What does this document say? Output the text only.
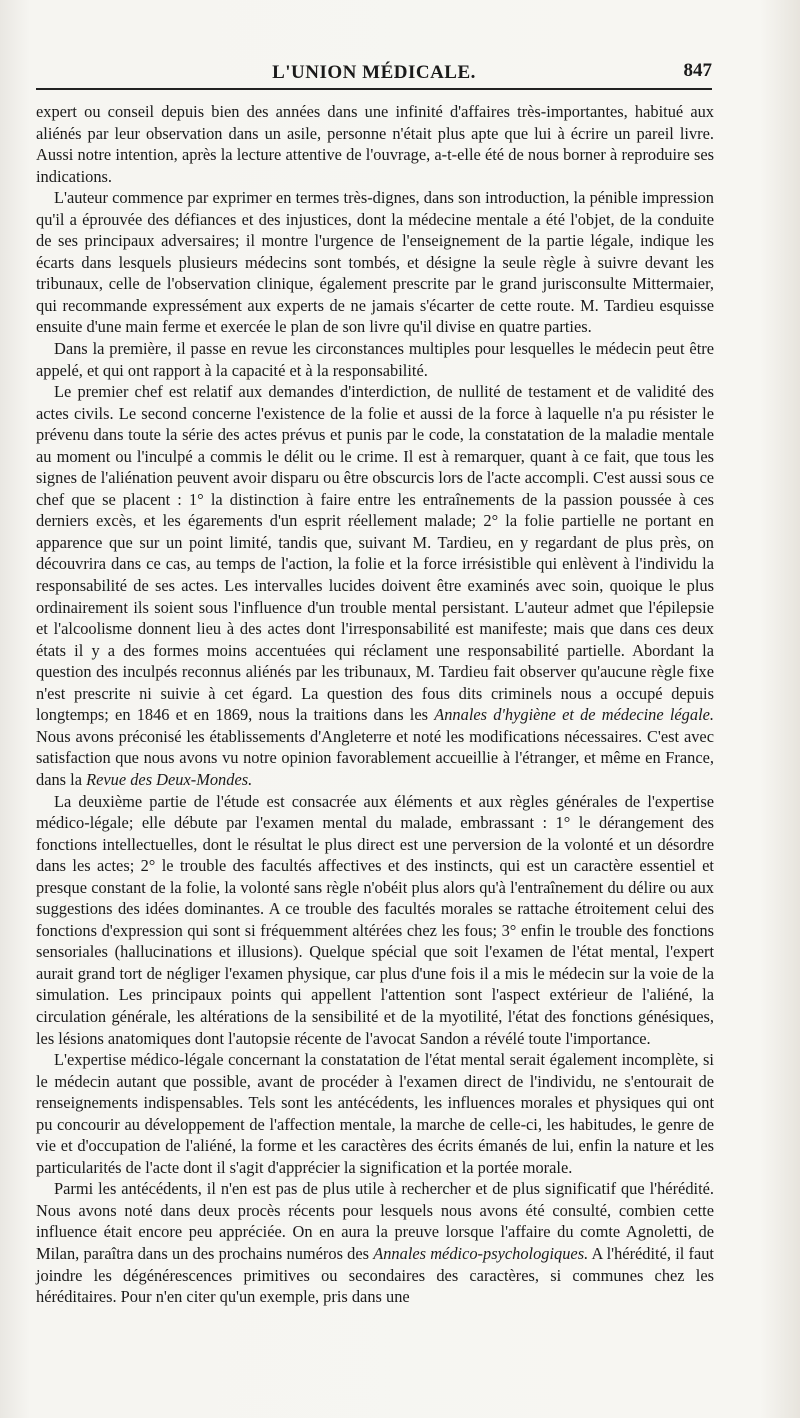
L'UNION MÉDICALE.	847

expert ou conseil depuis bien des années dans une infinité d'affaires très-importantes, habitué aux aliénés par leur observation dans un asile, personne n'était plus apte que lui à écrire un pareil livre. Aussi notre intention, après la lecture attentive de l'ouvrage, a-t-elle été de nous borner à reproduire ses indications.

L'auteur commence par exprimer en termes très-dignes, dans son introduction, la pénible impression qu'il a éprouvée des défiances et des injustices, dont la médecine mentale a été l'objet, de la conduite de ses principaux adversaires; il montre l'urgence de l'enseignement de la partie légale, indique les écarts dans lesquels plusieurs médecins sont tombés, et désigne la seule règle à suivre devant les tribunaux, celle de l'observation clinique, également prescrite par le grand jurisconsulte Mittermaier, qui recommande expressément aux experts de ne jamais s'écarter de cette route. M. Tardieu esquisse ensuite d'une main ferme et exercée le plan de son livre qu'il divise en quatre parties.

Dans la première, il passe en revue les circonstances multiples pour lesquelles le médecin peut être appelé, et qui ont rapport à la capacité et à la responsabilité.

Le premier chef est relatif aux demandes d'interdiction, de nullité de testament et de validité des actes civils. Le second concerne l'existence de la folie et aussi de la force à laquelle n'a pu résister le prévenu dans toute la série des actes prévus et punis par le code, la constatation de la maladie mentale au moment ou l'inculpé a commis le délit ou le crime. Il est à remarquer, quant à ce fait, que tous les signes de l'aliénation peuvent avoir disparu ou être obscurcis lors de l'acte accompli. C'est aussi sous ce chef que se placent : 1° la distinction à faire entre les entraînements de la passion poussée à ces derniers excès, et les égarements d'un esprit réellement malade; 2° la folie partielle ne portant en apparence que sur un point limité, tandis que, suivant M. Tardieu, en y regardant de plus près, on découvrira dans ce cas, au temps de l'action, la folie et la force irrésistible qui enlèvent à l'individu la responsabilité de ses actes. Les intervalles lucides doivent être examinés avec soin, quoique le plus ordinairement ils soient sous l'influence d'un trouble mental persistant. L'auteur admet que l'épilepsie et l'alcoolisme donnent lieu à des actes dont l'irresponsabilité est manifeste; mais que dans ces deux états il y a des formes moins accentuées qui réclament une responsabilité partielle. Abordant la question des inculpés reconnus aliénés par les tribunaux, M. Tardieu fait observer qu'aucune règle fixe n'est prescrite ni suivie à cet égard. La question des fous dits criminels nous a occupé depuis longtemps; en 1846 et en 1869, nous la traitions dans les Annales d'hygiène et de médecine légale. Nous avons préconisé les établissements d'Angleterre et noté les modifications nécessaires. C'est avec satisfaction que nous avons vu notre opinion favorablement accueillie à l'étranger, et même en France, dans la Revue des Deux-Mondes.

La deuxième partie de l'étude est consacrée aux éléments et aux règles générales de l'expertise médico-légale; elle débute par l'examen mental du malade, embrassant : 1° le dérangement des fonctions intellectuelles, dont le résultat le plus direct est une perversion de la volonté et un désordre dans les actes; 2° le trouble des facultés affectives et des instincts, qui est un caractère essentiel et presque constant de la folie, la volonté sans règle n'obéit plus alors qu'à l'entraînement du délire ou aux suggestions des idées dominantes. A ce trouble des facultés morales se rattache étroitement celui des fonctions d'expression qui sont si fréquemment altérées chez les fous; 3° enfin le trouble des fonctions sensoriales (hallucinations et illusions). Quelque spécial que soit l'examen de l'état mental, l'expert aurait grand tort de négliger l'examen physique, car plus d'une fois il a mis le médecin sur la voie de la simulation. Les principaux points qui appellent l'attention sont l'aspect extérieur de l'aliéné, la circulation générale, les altérations de la sensibilité et de la myotilité, l'état des fonctions génésiques, les lésions anatomiques dont l'autopsie récente de l'avocat Sandon a révélé toute l'importance.

L'expertise médico-légale concernant la constatation de l'état mental serait également incomplète, si le médecin autant que possible, avant de procéder à l'examen direct de l'individu, ne s'entourait de renseignements indispensables. Tels sont les antécédents, les influences morales et physiques qui ont pu concourir au développement de l'affection mentale, la marche de celle-ci, les habitudes, le genre de vie et d'occupation de l'aliéné, la forme et les caractères des écrits émanés de lui, enfin la nature et les particularités de l'acte dont il s'agit d'apprécier la signification et la portée morale.

Parmi les antécédents, il n'en est pas de plus utile à rechercher et de plus significatif que l'hérédité. Nous avons noté dans deux procès récents pour lesquels nous avons été consulté, combien cette influence était encore peu appréciée. On en aura la preuve lorsque l'affaire du comte Agnoletti, de Milan, paraîtra dans un des prochains numéros des Annales médico-psychologiques. A l'hérédité, il faut joindre les dégénérescences primitives ou secondaires des caractères, si communes chez les héréditaires. Pour n'en citer qu'un exemple, pris dans une
